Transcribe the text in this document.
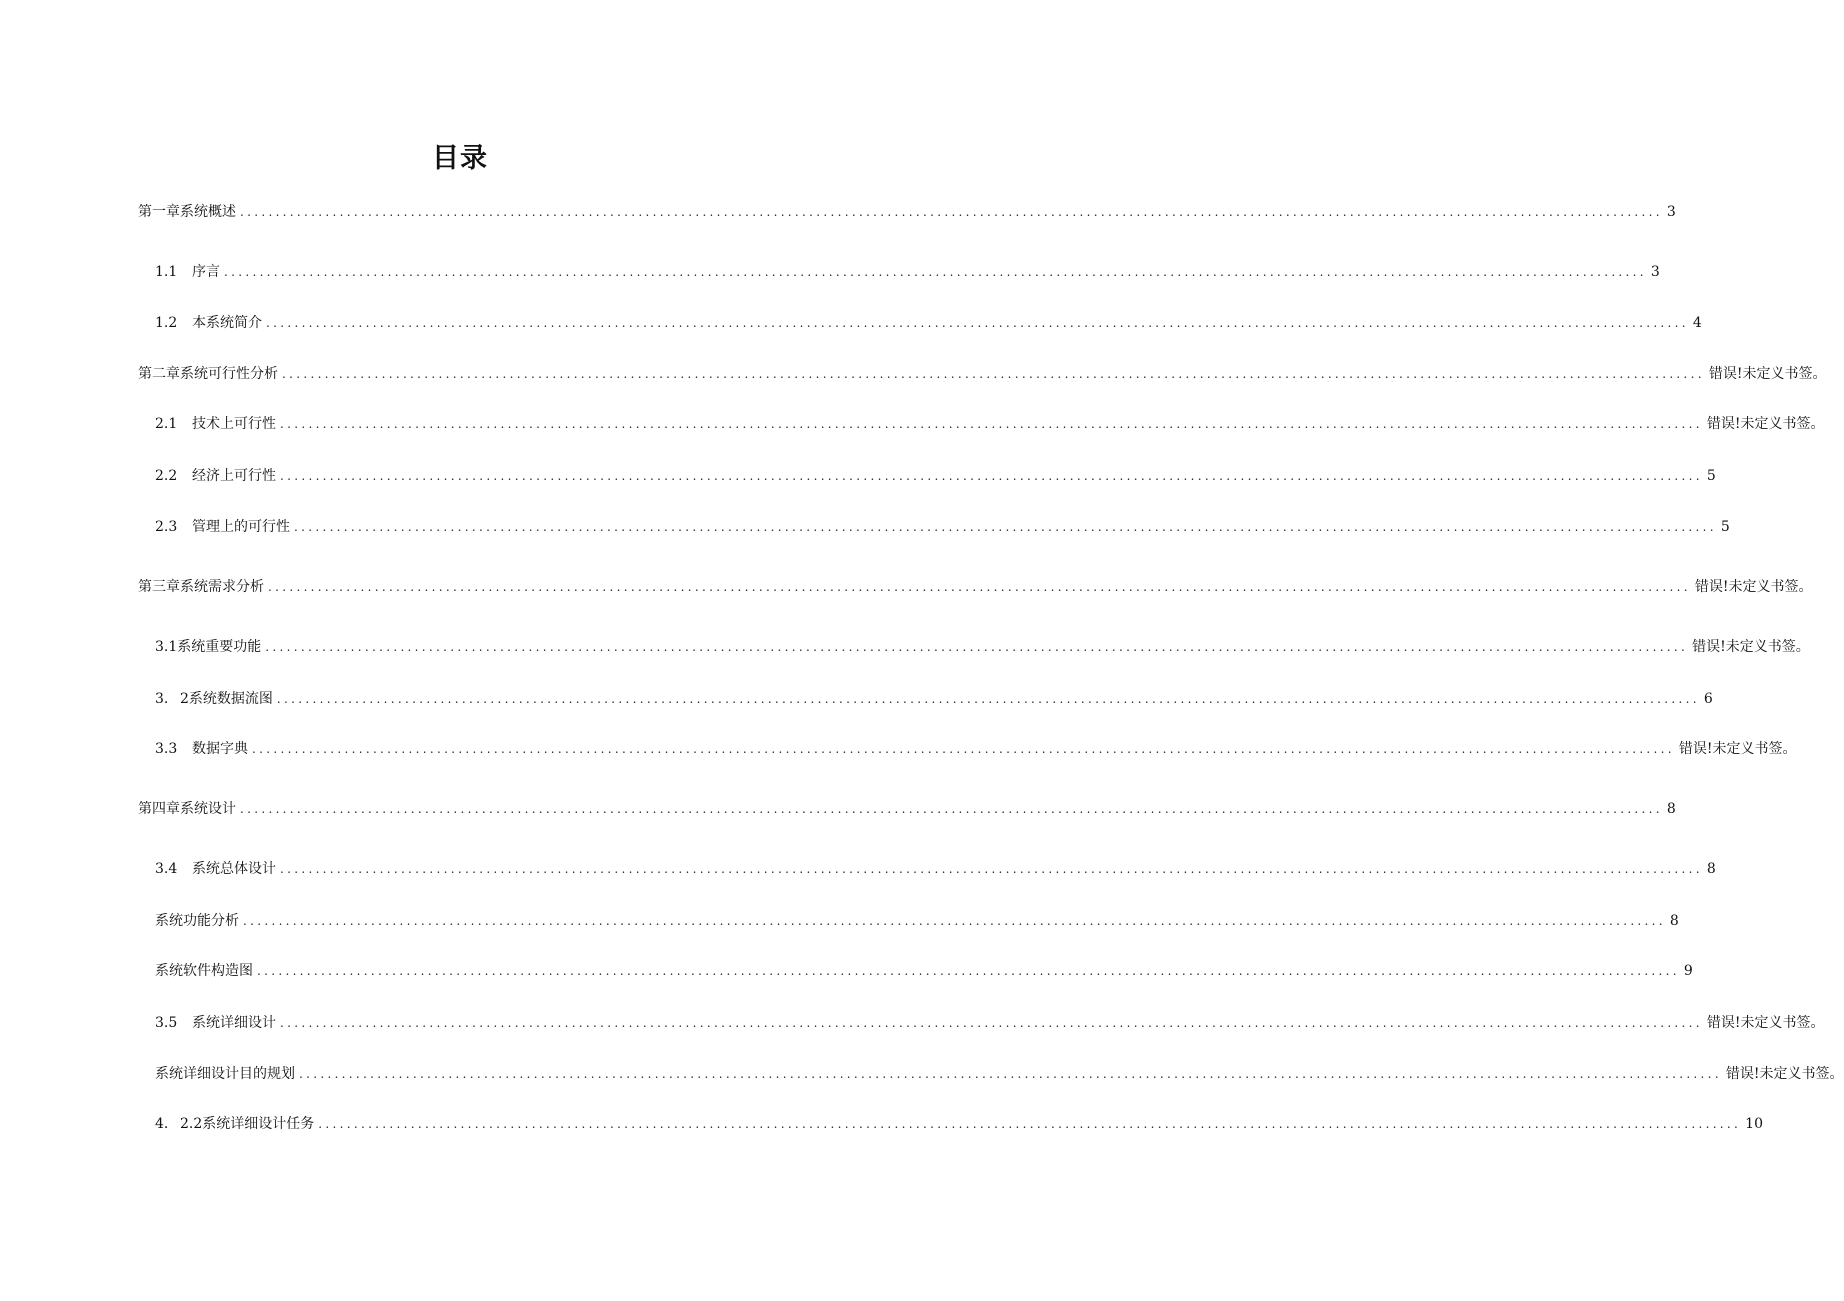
目录
第一章系统概述 ........................................................................................................................................................................................................ 3
1.1	序言 ........................................................................................................................................................................................................ 3
1.2	本系统简介 ........................................................................................................................................................................................................ 4
第二章系统可行性分析 ........................................................................................................................................................................................................ 错误!未定义书签。
2.1	技术上可行性 ........................................................................................................................................................................................................ 错误!未定义书签。
2.2	经济上可行性 ........................................................................................................................................................................................................ 5
2.3	管理上的可行性 ........................................................................................................................................................................................................ 5
第三章系统需求分析 ........................................................................................................................................................................................................ 错误!未定义书签。
3.1系统重要功能 ........................................................................................................................................................................................................ 错误!未定义书签。
3. 2系统数据流图 ........................................................................................................................................................................................................ 6
3.3	数据字典 ........................................................................................................................................................................................................ 错误!未定义书签。
第四章系统设计 ........................................................................................................................................................................................................ 8
3.4	系统总体设计 ........................................................................................................................................................................................................ 8
系统功能分析 ........................................................................................................................................................................................................ 8
系统软件构造图 ........................................................................................................................................................................................................ 9
3.5	系统详细设计 ........................................................................................................................................................................................................ 错误!未定义书签。
系统详细设计目的规划 ........................................................................................................................................................................................................ 错误!未定义书签。
4. 2.2系统详细设计任务 ........................................................................................................................................................................................................ 10
